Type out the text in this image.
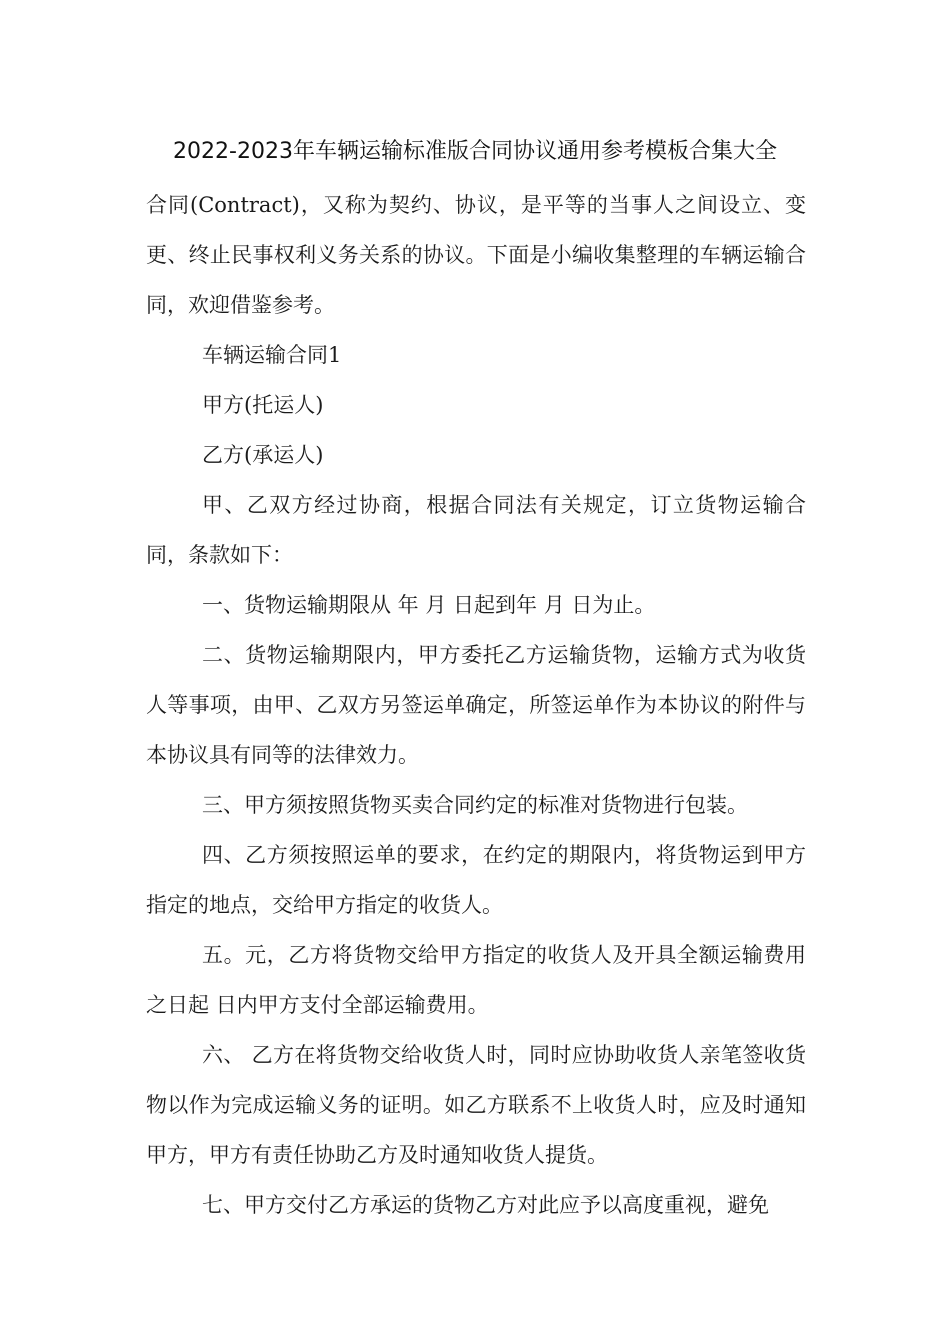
2022-2023年车辆运输标准版合同协议通用参考模板合集大全

合同(Contract)，又称为契约、协议，是平等的当事人之间设立、变更、终止民事权利义务关系的协议。下面是小编收集整理的车辆运输合同，欢迎借鉴参考。

车辆运输合同1

甲方(托运人)

乙方(承运人)

甲、乙双方经过协商，根据合同法有关规定，订立货物运输合同，条款如下：

一、货物运输期限从 年 月 日起到年 月 日为止。

二、货物运输期限内，甲方委托乙方运输货物，运输方式为收货人等事项，由甲、乙双方另签运单确定，所签运单作为本协议的附件与本协议具有同等的法律效力。

三、甲方须按照货物买卖合同约定的标准对货物进行包装。

四、乙方须按照运单的要求，在约定的期限内，将货物运到甲方指定的地点，交给甲方指定的收货人。

五。元，乙方将货物交给甲方指定的收货人及开具全额运输费用之日起 日内甲方支付全部运输费用。

六、 乙方在将货物交给收货人时，同时应协助收货人亲笔签收货物以作为完成运输义务的证明。如乙方联系不上收货人时，应及时通知甲方，甲方有责任协助乙方及时通知收货人提货。

七、甲方交付乙方承运的货物乙方对此应予以高度重视，避免
